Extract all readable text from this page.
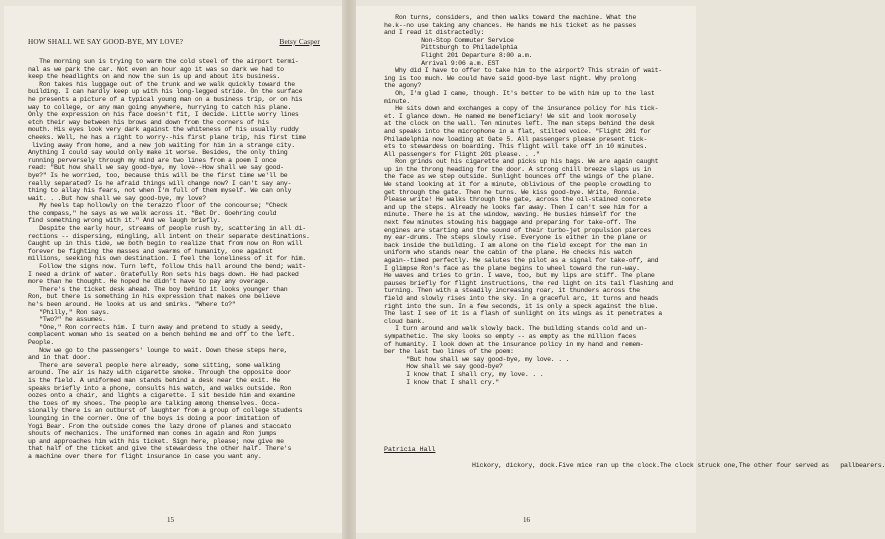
HOW SHALL WE SAY GOOD-BYE, MY LOVE?	Betsy Casper
The morning sun is trying to warm the cold steel of the airport termi-
nal as we park the car. Not even an hour ago it was so dark we had to
keep the headlights on and now the sun is up and about its business.
Ron takes his luggage out of the trunk and we walk quickly toward the
building. I can hardly keep up with his long-legged stride. On the surface
he presents a picture of a typical young man on a business trip, or on his
way to college, or any man going anywhere, hurrying to catch his plane.
Only the expression on his face doesn't fit, I decide. Little worry lines
etch their way between his brows and down from the corners of his
mouth. His eyes look very dark against the whiteness of his usually ruddy
cheeks. Well, he has a right to worry--his first plane trip, his first time
living away from home, and a new job waiting for him in a strange city.
Anything I could say would only make it worse. Besides, the only thing
running perversely through my mind are two lines from a poem I once
read: "But how shall we say good-bye, my love--How shall we say good-
bye?" Is he worried, too, because this will be the first time we'll be
really separated? Is he afraid things will change now? I can't say any-
thing to allay his fears, not when I'm full of them myself. We can only
wait. . .But how shall we say good-bye, my love?
My heels tap hollowly on the terazzo floor of the concourse; "Check
the compass," he says as we walk across it. "Bet Dr. Goehring could
find something wrong with it." And we laugh briefly.
Despite the early hour, streams of people rush by, scattering in all di-
rections -- dispersing, mingling, all intent on their separate destinations.
Caught up in this tide, we both begin to realize that from now on Ron will
forever be fighting the masses and swarms of humanity, one against
millions, seeking his own destination. I feel the loneliness of it for him.
Follow the signs now. Turn left, follow this hall around the bend; wait-
I need a drink of water. Gratefully Ron sets his bags down. He had packed
more than he thought. He hoped he didn't have to pay any overage.
There's the ticket desk ahead. The boy behind it looks younger than
Ron, but there is something in his expression that makes one believe
he's been around. He looks at us and smirks. "Where to?"
"Philly," Ron says.
"Two?" he assumes.
"One," Ron corrects him. I turn away and pretend to study a seedy,
complacent woman who is seated on a bench behind me and off to the left.
People.
Now we go to the passengers' lounge to wait. Down these steps here,
and in that door.
There are several people here already, some sitting, some walking
around. The air is hazy with cigarette smoke. Through the opposite door
is the field. A uniformed man stands behind a desk near the exit. He
speaks briefly into a phone, consults his watch, and walks outside. Ron
oozes onto a chair, and lights a cigarette. I sit beside him and examine
the toes of my shoes. The people are talking among themselves. Occa-
sionally there is an outburst of laughter from a group of college students
lounging in the corner. One of the boys is doing a poor imitation of
Yogi Bear. From the outside comes the lazy drone of planes and staccato
shouts of mechanics. The uniformed man comes in again and Ron jumps
up and approaches him with his ticket. Sign here, please; now give me
that half of the ticket and give the stewardess the other half. There's
a machine over there for flight insurance in case you want any.
15
Ron turns, considers, and then walks toward the machine. What the
he.k--no use taking any chances. He hands me his ticket as he passes
and I read it distractedly:
Non-Stop Commuter Service
Pittsburgh to Philadelphia
Flight 201 Departure 8:00 a.m.
Arrival 9:06 a.m. EST
Why did I have to offer to take him to the airport? This strain of wait-
ing is too much. We could have said good-bye last night. Why prolong
the agony?
Oh, I'm glad I came, though. It's better to be with him up to the last
minute.
He sits down and exchanges a copy of the insurance policy for his tick-
et. I glance down. He named me beneficiary! We sit and look morosely
at the clock on the wall. Ten minutes left. The man steps behind the desk
and speaks into the microphone in a flat, stilted voice. "Flight 201 for
Philadelphia now loading at Gate 5. All passengers please present tick-
ets to stewardess on boarding. This flight will take off in 10 minutes.
All passengers for Flight 201 please. . ."
Ron grinds out his cigarette and picks up his bags. We are again caught
up in the throng heading for the door. A strong chill breeze slaps us in
the face as we step outside. Sunlight bounces off the wings of the plane.
We stand looking at it for a minute, oblivious of the people crowding to
get through the gate. Then he turns. We kiss good-bye. Write, Ronnie.
Please write! He walks through the gate, across the oil-stained concrete
and up the steps. Already he looks far away. Then I can't see him for a
minute. There he is at the window, waving. He busies himself for the
next few minutes stowing his baggage and preparing for take-off. The
engines are starting and the sound of their turbo-jet propulsion pierces
my ear-drums. The steps slowly rise. Everyone is either in the plane or
back inside the building. I am alone on the field except for the man in
uniform who stands near the cabin of the plane. He checks his watch
again--timed perfectly. He salutes the pilot as a signal for take-off, and
I glimpse Ron's face as the plane begins to wheel toward the run-way.
He waves and tries to grin. I wave, too, but my lips are stiff. The plane
pauses briefly for flight instructions, the red light on its tail flashing and
turning. Then with a steadily increasing roar, it thunders across the
field and slowly rises into the sky. In a graceful arc, it turns and heads
right into the sun. In a few seconds, it is only a speck against the blue.
The last I see of it is a flash of sunlight on its wings as it penetrates a
cloud bank.
I turn around and walk slowly back. The building stands cold and un-
sympathetic. The sky looks so empty -- as empty as the million faces
of humanity. I look down at the insurance policy in my hand and remem-
ber the last two lines of the poem:
"But how shall we say good-bye, my love. . .
How shall we say good-bye?
I know that I shall cry, my love. . .
I know that I shall cry."
Patricia Hall
Hickory, dickory, dock.Five mice ran up the clock.The clock struck one,The other four served as   pallbearers.
16
